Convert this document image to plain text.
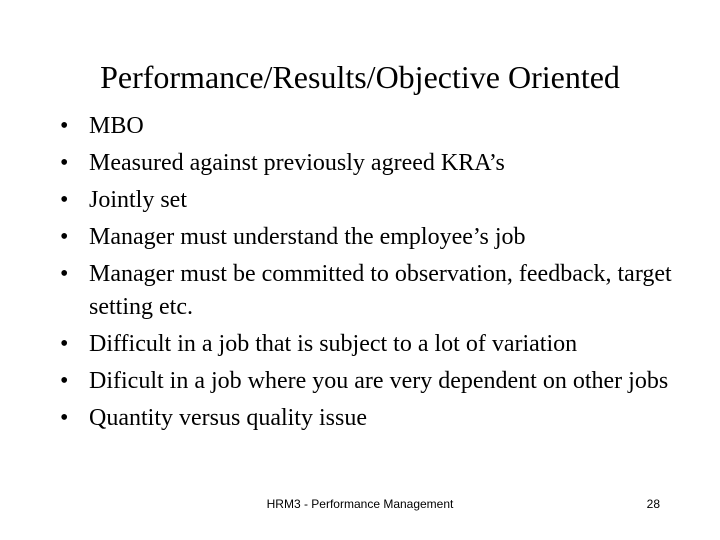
Performance/Results/Objective Oriented
• MBO
• Measured against previously agreed KRA’s
• Jointly set
• Manager must understand the employee’s job
• Manager must be committed to observation, feedback, target setting etc.
• Difficult in a job that is subject to a lot of variation
• Dificult in a job where you are very dependent on other jobs
• Quantity versus quality issue
HRM3 - Performance Management	28
